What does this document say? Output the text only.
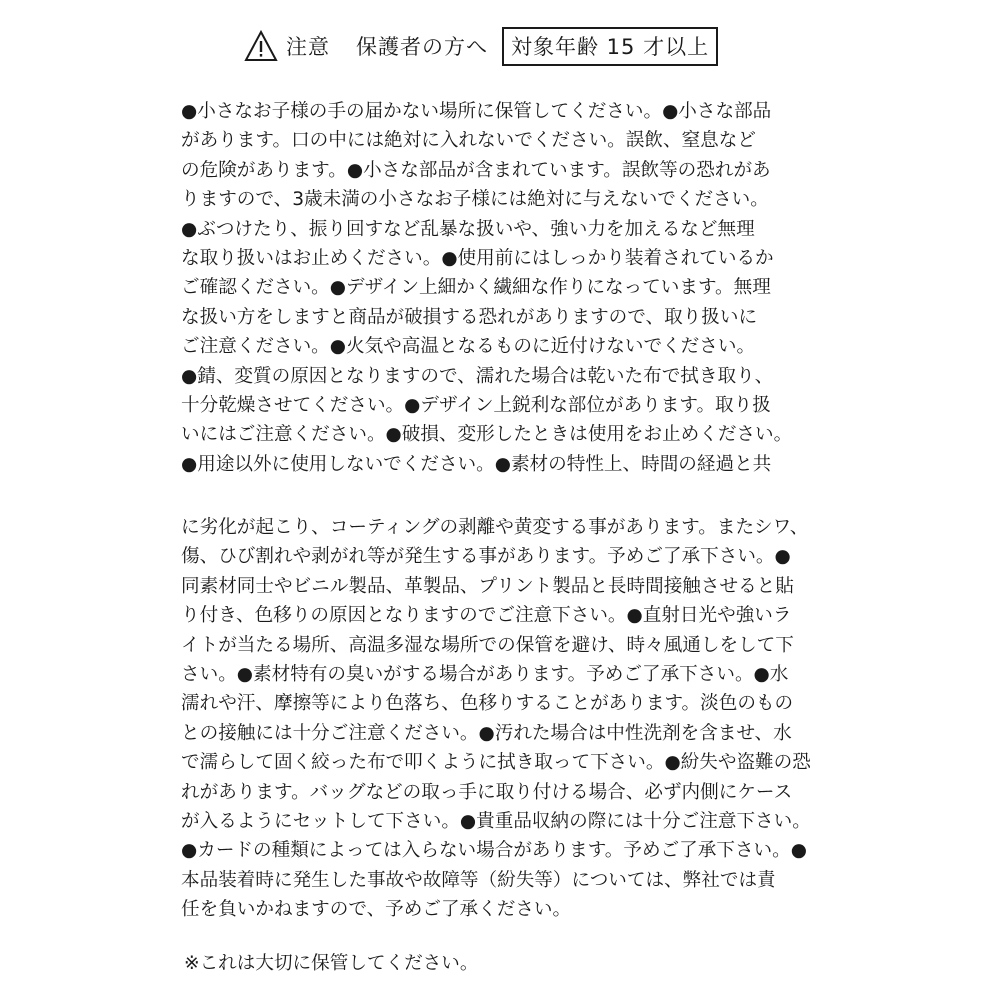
注意 保護者の方へ	対象年齢 15 才以上
●小さなお子様の手の届かない場所に保管してください。●小さな部品
があります。口の中には絶対に入れないでください。誤飲、窒息など
の危険があります。●小さな部品が含まれています。誤飲等の恐れがあ
りますので、3歳未満の小さなお子様には絶対に与えないでください。
●ぶつけたり、振り回すなど乱暴な扱いや、強い力を加えるなど無理
な取り扱いはお止めください。●使用前にはしっかり装着されているか
ご確認ください。●デザイン上細かく繊細な作りになっています。無理
な扱い方をしますと商品が破損する恐れがありますので、取り扱いに
ご注意ください。●火気や高温となるものに近付けないでください。
●錆、変質の原因となりますので、濡れた場合は乾いた布で拭き取り、
十分乾燥させてください。●デザイン上鋭利な部位があります。取り扱
いにはご注意ください。●破損、変形したときは使用をお止めください。
●用途以外に使用しないでください。●素材の特性上、時間の経過と共
に劣化が起こり、コーティングの剥離や黄変する事があります。またシワ、
傷、ひび割れや剥がれ等が発生する事があります。予めご了承下さい。●
同素材同士やビニル製品、革製品、プリント製品と長時間接触させると貼
り付き、色移りの原因となりますのでご注意下さい。●直射日光や強いラ
イトが当たる場所、高温多湿な場所での保管を避け、時々風通しをして下
さい。●素材特有の臭いがする場合があります。予めご了承下さい。●水
濡れや汗、摩擦等により色落ち、色移りすることがあります。淡色のもの
との接触には十分ご注意ください。●汚れた場合は中性洗剤を含ませ、水
で濡らして固く絞った布で叩くように拭き取って下さい。●紛失や盗難の恐
れがあります。バッグなどの取っ手に取り付ける場合、必ず内側にケース
が入るようにセットして下さい。●貴重品収納の際には十分ご注意下さい。
●カードの種類によっては入らない場合があります。予めご了承下さい。●
本品装着時に発生した事故や故障等（紛失等）については、弊社では責
任を負いかねますので、予めご了承ください。
※これは大切に保管してください。
